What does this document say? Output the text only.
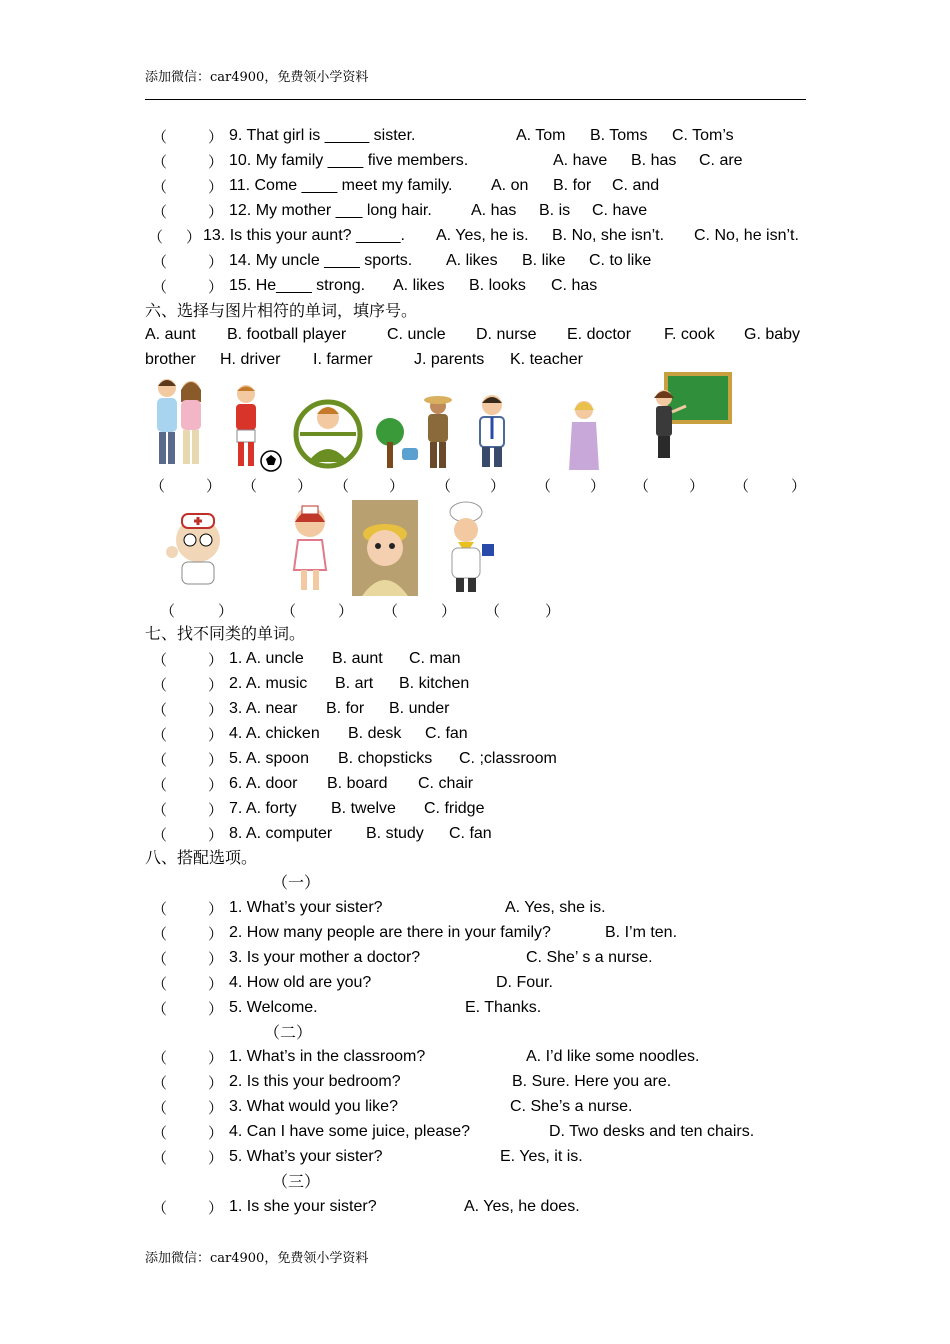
添加微信：car4900，免费领小学资料
（	） 9. That girl is _____ sister.	A. Tom B. Toms C. Tom’s
（	） 10. My family ____ five members.	A. have B. has C. are
（	） 11. Come ____ meet my family. A. on B. for C. and
（	） 12. My mother ___ long hair. A. has B. is C. have
（ ） 13. Is this your aunt? _____. A. Yes, he is. B. No, she isn’t. C. No, he isn’t.
（	） 14. My uncle ____ sports. A. likes B. like C. to like
（	） 15. He____ strong. A. likes B. looks C. has
六、选择与图片相符的单词，填序号。
A. aunt B. football player	C. uncle D. nurse E. doctor F. cook G. baby
brother H. driver I. farmer	J. parents K. teacher
（	） （	） （	） （	） （	） （	） （	）
（	）	（	） （	） （	）
七、找不同类的单词。
（	） 1. A. uncle B. aunt C. man
（	） 2. A. music B. art B. kitchen
（	） 3. A. near B. for B. under
（	） 4. A. chicken B. desk C. fan
（	） 5. A. spoon B. chopsticks C. ;classroom
（	） 6. A. door B. board C. chair
（	） 7. A. forty B. twelve C. fridge
（	） 8. A. computer B. study C. fan
八、搭配选项。
（一）
（	） 1. What’s your sister?	A. Yes, she is.
（	） 2. How many people are there in your family?	B. I’m ten.
（	） 3. Is your mother a doctor?	C. She’ s a nurse.
（	） 4. How old are you?	D. Four.
（	） 5. Welcome.	E. Thanks.
（二）
（	） 1. What’s in the classroom?	A. I’d like some noodles.
（	） 2. Is this your bedroom?	B. Sure. Here you are.
（	） 3. What would you like?	C. She’s a nurse.
（	） 4. Can I have some juice, please?	D. Two desks and ten chairs.
（	） 5. What’s your sister?	E. Yes, it is.
（三）
（	） 1. Is she your sister?	A. Yes, he does.
添加微信：car4900，免费领小学资料
